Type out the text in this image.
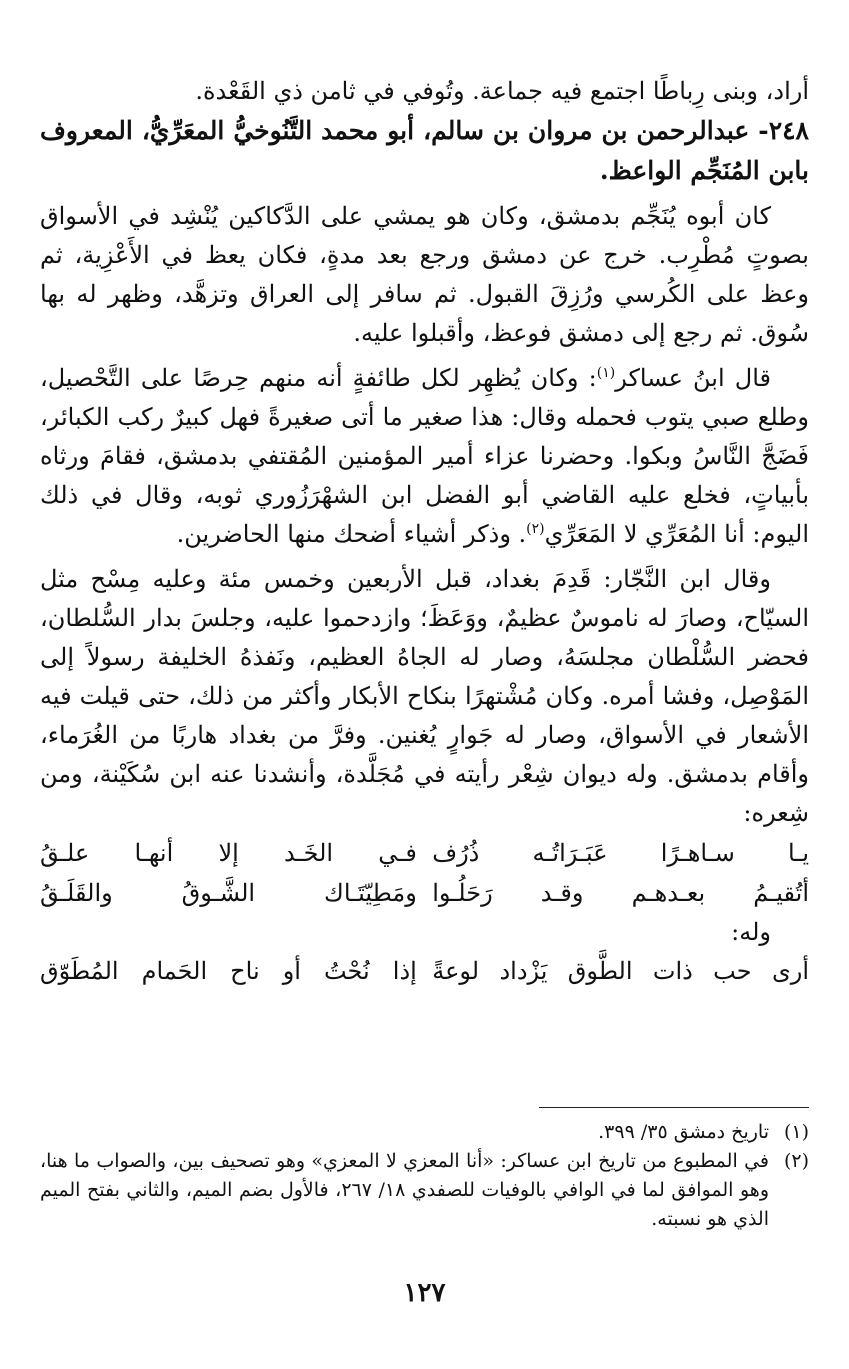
أراد، وبنى رِباطًا اجتمع فيه جماعة. وتُوفي في ثامن ذي القَعْدة.

٢٤٨- عبدالرحمن بن مروان بن سالم، أبو محمد التَّنُوخيُّ المعَرِّيُّ، المعروف بابن المُنَجِّم الواعظ.

كان أبوه يُنَجِّم بدمشق، وكان هو يمشي على الدَّكاكين يُنْشِد في الأسواق بصوتٍ مُطْرِب. خرج عن دمشق ورجع بعد مدةٍ، فكان يعظ في الأَعْزِية، ثم وعظ على الكُرسي ورُزِقَ القبول. ثم سافر إلى العراق وتزهَّد، وظهر له بها سُوق. ثم رجع إلى دمشق فوعظ، وأقبلوا عليه.

قال ابنُ عساكر$^{(١)}$: وكان يُظهِر لكل طائفةٍ أنه منهم حِرصًا على التَّحْصيل، وطلع صبي يتوب فحمله وقال: هذا صغير ما أتى صغيرةً فهل كبيرٌ ركب الكبائر، فَضَجَّ النَّاسُ وبكوا. وحضرنا عزاء أمير المؤمنين المُقتفي بدمشق، فقامَ ورثاه بأبياتٍ، فخلع عليه القاضي أبو الفضل ابن الشهْرَزُوري ثوبه، وقال في ذلك اليوم: أنا المُعَرِّي لا المَعَرِّي$^{(٢)}$. وذكر أشياء أضحك منها الحاضرين.

وقال ابن النَّجّار: قَدِمَ بغداد، قبل الأربعين وخمس مئة وعليه مِسْح مثل السيّاح، وصارَ له ناموسٌ عظيمٌ، ووَعَظَ؛ وازدحموا عليه، وجلسَ بدار السُّلطان، فحضر السُّلْطان مجلسَهُ، وصار له الجاهُ العظيم، ونَفذهُ الخليفة رسولاً إلى المَوْصِل، وفشا أمره. وكان مُشْتهرًا بنكاح الأبكار وأكثر من ذلك، حتى قيلت فيه الأشعار في الأسواق، وصار له جَوارٍ يُغنين. وفرَّ من بغداد هاربًا من الغُرَماء، وأقام بدمشق. وله ديوان شِعْر رأيته في مُجَلَّدة، وأنشدنا عنه ابن سُكَيْنة، ومن شِعره:

يـا سـاهـرًا عَبَـرَاتُـه ذُرُف
فـي الخَـد إلا أنهـا علـقُ
أتُقيـمُ بعـدهـم وقـد رَحَلُـوا
ومَطِيّتَـاك الشَّـوقُ والقَلَـقُ
وله:
أرى حب ذات الطَّوق يَزْداد لوعةً
إذا نُحْتُ أو ناح الحَمام المُطَوّق
(١)
تاريخ دمشق ٣٥/ ٣٩٩.
(٢)
في المطبوع من تاريخ ابن عساكر: «أنا المعزي لا المعزي» وهو تصحيف بين، والصواب ما هنا، وهو الموافق لما في الوافي بالوفيات للصفدي ١٨/ ٢٦٧، فالأول بضم الميم، والثاني بفتح الميم الذي هو نسبته.
١٢٧
